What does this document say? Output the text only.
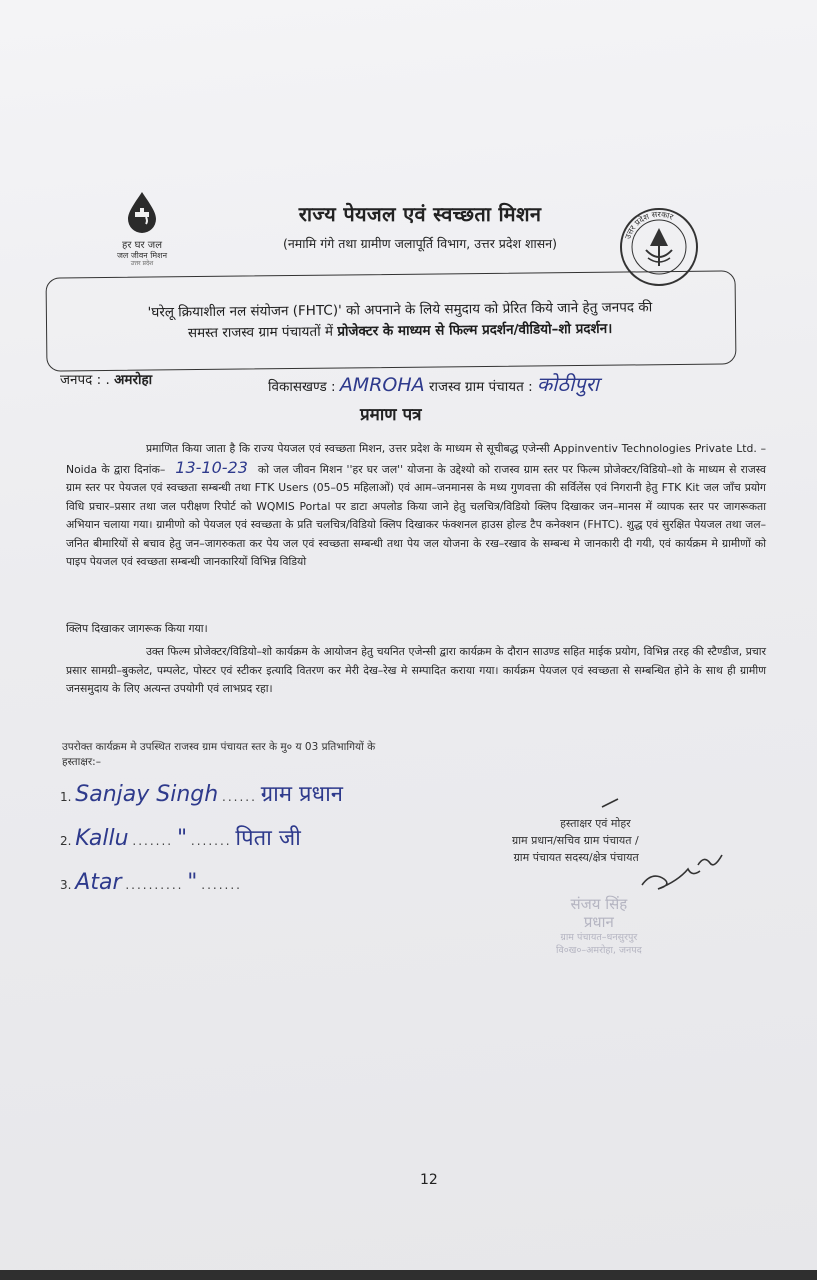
हर घर जल
जल जीवन मिशन
उत्तर प्रदेश
राज्य पेयजल एवं स्वच्छता मिशन
(नमामि गंगे तथा ग्रामीण जलापूर्ति विभाग, उत्तर प्रदेश शासन)	उत्तर प्रदेश सरकार
'घरेलू क्रियाशील नल संयोजन (FHTC)' को अपनाने के लिये समुदाय को प्रेरित किये जाने हेतु जनपद की
समस्त राजस्व ग्राम पंचायतों में प्रोजेक्टर के माध्यम से फिल्म प्रदर्शन/वीडियो–शो प्रदर्शन।
जनपद : . अमरोहा	विकासखण्ड : AMROHA राजस्व ग्राम पंचायत : कोठीपुरा
प्रमाण पत्र
प्रमाणित किया जाता है कि राज्य पेयजल एवं स्वच्छता मिशन, उत्तर प्रदेश के माध्यम से सूचीबद्ध एजेन्सी Appinventiv Technologies Private Ltd. – Noida के द्वारा दिनांक– 13-10-23 को जल जीवन मिशन ''हर घर जल'' योजना के उद्देश्यो को राजस्व ग्राम स्तर पर फिल्म प्रोजेक्टर/विडियो–शो के माध्यम से राजस्व ग्राम स्तर पर पेयजल एवं स्वच्छता सम्बन्धी तथा FTK Users (05–05 महिलाओं) एवं आम–जनमानस के मध्य गुणवत्ता की सर्विलेंस एवं निगरानी हेतु FTK Kit जल जाँच प्रयोग विधि प्रचार–प्रसार तथा जल परीक्षण रिपोर्ट को WQMIS Portal पर डाटा अपलोड किया जाने हेतु चलचित्र/विडियो क्लिप दिखाकर जन–मानस में व्यापक स्तर पर जागरूकता अभियान चलाया गया। ग्रामीणो को पेयजल एवं स्वच्छता के प्रति चलचित्र/विडियो क्लिप दिखाकर फंक्शनल हाउस होल्ड टैप कनेक्शन (FHTC). शुद्ध एवं सुरक्षित पेयजल तथा जल–जनित बीमारियों से बचाव हेतु जन–जागरुकता कर पेय जल एवं स्वच्छता सम्बन्धी तथा पेय जल योजना के रख–रखाव के सम्बन्ध मे जानकारी दी गयी, एवं कार्यक्रम मे ग्रामीणों को पाइप पेयजल एवं स्वच्छता सम्बन्धी जानकारियों विभिन्न विडियो
क्लिप दिखाकर जागरूक किया गया।
उक्त फिल्म प्रोजेक्टर/विडियो–शो कार्यक्रम के आयोजन हेतु चयनित एजेन्सी द्वारा कार्यक्रम के दौरान साउण्ड सहित माईक प्रयोग, विभिन्न तरह की स्टैण्डीज, प्रचार प्रसार सामग्री–बुकलेट, पम्पलेट, पोस्टर एवं स्टीकर इत्यादि वितरण कर मेरी देख–रेख मे सम्पादित कराया गया। कार्यक्रम पेयजल एवं स्वच्छता से सम्बन्धित होने के साथ ही ग्रामीण जनसमुदाय के लिए अत्यन्त उपयोगी एवं लाभप्रद रहा।
उपरोक्त कार्यक्रम मे उपस्थित राजस्व ग्राम पंचायत स्तर के मु० य 03 प्रतिभागियों के
हस्ताक्षर:–
1. Sanjay Singh ...... ग्राम प्रधान
2. Kallu ....... " ....... पिता जी
3. Atar .......... " .......
हस्ताक्षर एवं मोहर
ग्राम प्रधान/सचिव ग्राम पंचायत /
ग्राम पंचायत सदस्य/क्षेत्र पंचायत
संजय सिंह
प्रधान
ग्राम पंचायत–धनसुरपुर
वि०ख०–अमरोहा, जनपद
12
